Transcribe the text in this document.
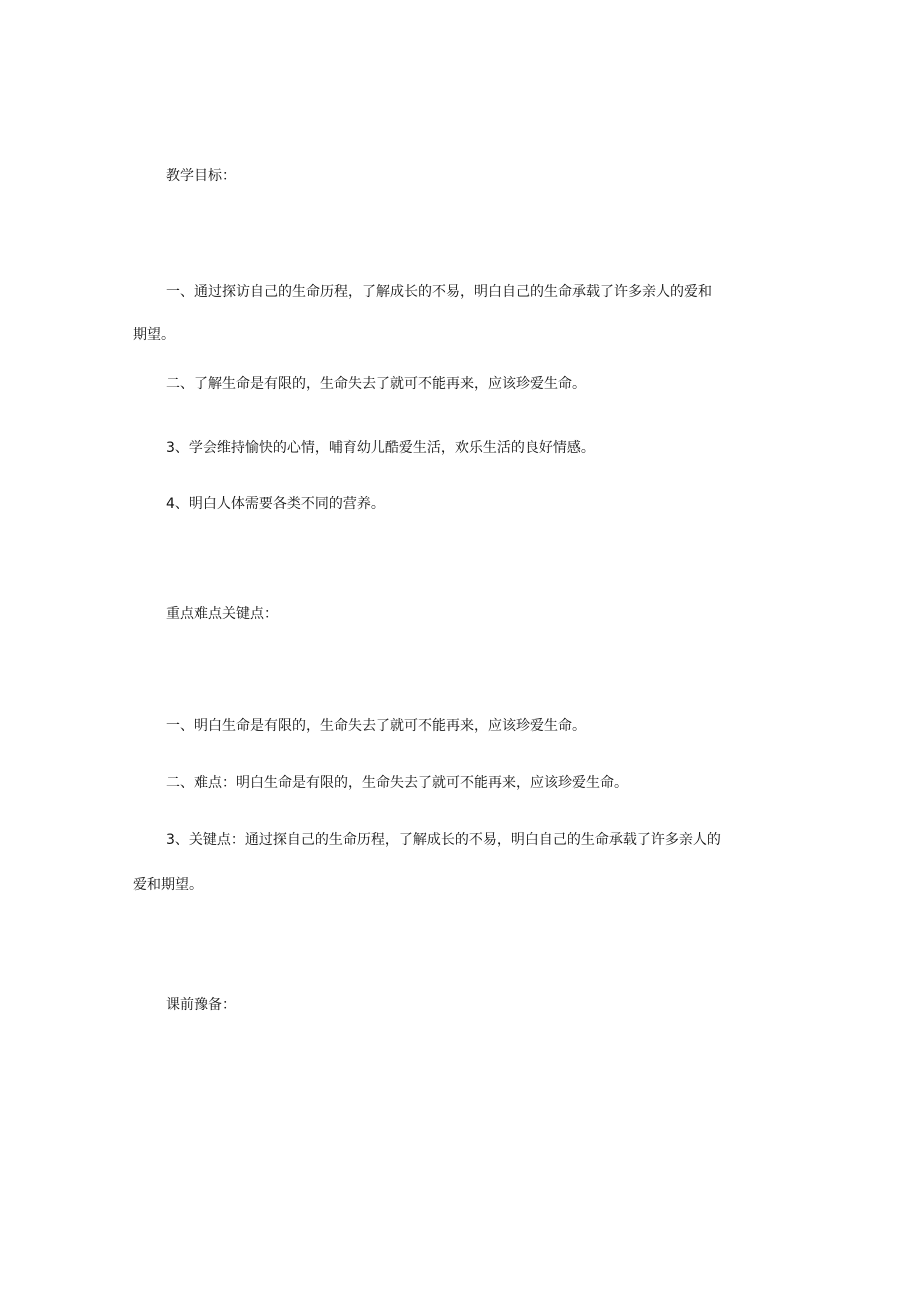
教学目标：
一、通过探访自己的生命历程，了解成长的不易，明白自己的生命承载了许多亲人的爱和
期望。
二、了解生命是有限的，生命失去了就可不能再来，应该珍爱生命。
3、学会维持愉快的心情，哺育幼儿酷爱生活，欢乐生活的良好情感。
4、明白人体需要各类不同的营养。
重点难点关键点：
一、明白生命是有限的，生命失去了就可不能再来，应该珍爱生命。
二、难点：明白生命是有限的，生命失去了就可不能再来，应该珍爱生命。
3、关键点：通过探自己的生命历程，了解成长的不易，明白自己的生命承载了许多亲人的
爱和期望。
课前豫备：
